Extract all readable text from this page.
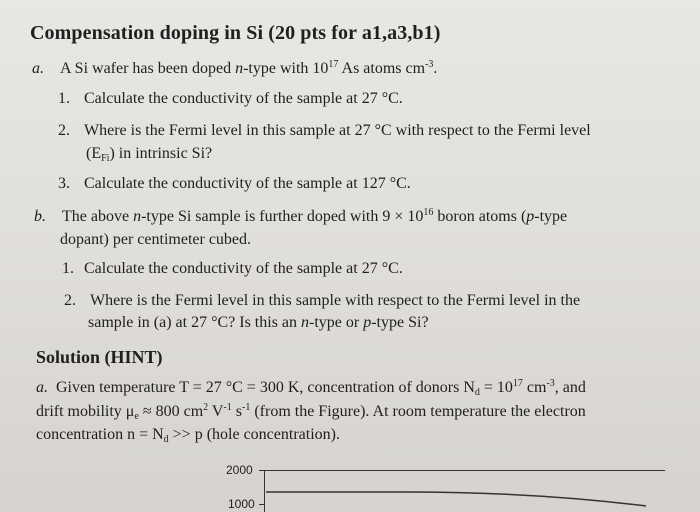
Compensation doping in Si (20 pts for a1,a3,b1)
a. A Si wafer has been doped n-type with $10^{17}$ As atoms $cm^{-3}$.
1. Calculate the conductivity of the sample at 27 °C.
2. Where is the Fermi level in this sample at 27 °C with respect to the Fermi level
$(E_{Fi})$ in intrinsic Si?
3. Calculate the conductivity of the sample at 127 °C.
b. The above n-type Si sample is further doped with $9 \times 10^{16}$ boron atoms (p-type
dopant) per centimeter cubed.
1. Calculate the conductivity of the sample at 27 °C.
2. Where is the Fermi level in this sample with respect to the Fermi level in the
sample in (a) at 27 °C? Is this an n-type or p-type Si?
Solution (HINT)
a. Given temperature T = 27 °C = 300 K, concentration of donors $N_d = 10^{17}$ $cm^{-3}$, and
drift mobility $\mu_e \approx 800$ $cm^2$ $V^{-1}$ $s^{-1}$ (from the Figure). At room temperature the electron
concentration $n = N_d >> p$ (hole concentration).
2000
1000
